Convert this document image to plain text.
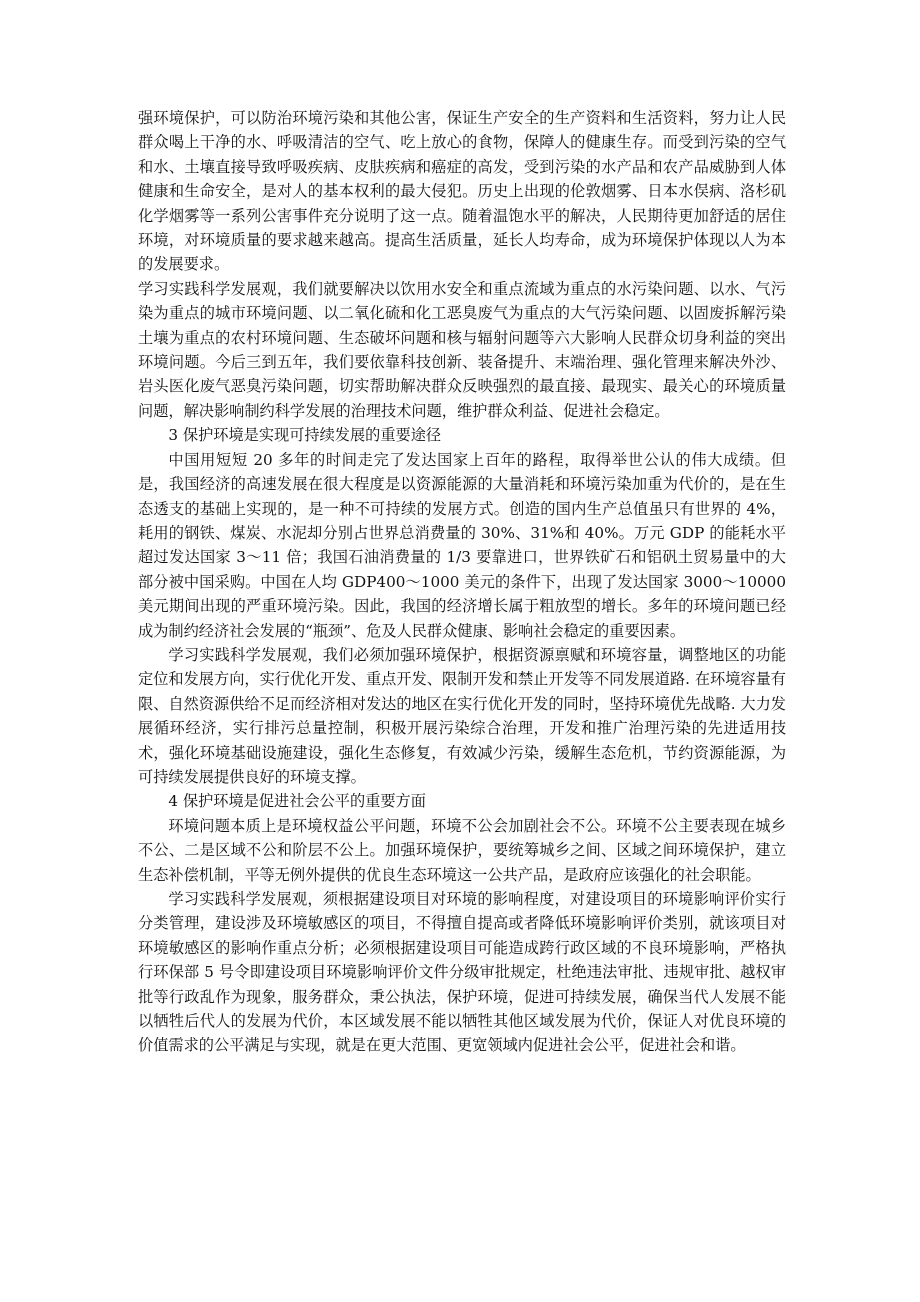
强环境保护，可以防治环境污染和其他公害，保证生产安全的生产资料和生活资料，努力让人民群众喝上干净的水、呼吸清洁的空气、吃上放心的食物，保障人的健康生存。而受到污染的空气和水、土壤直接导致呼吸疾病、皮肤疾病和癌症的高发，受到污染的水产品和农产品威胁到人体健康和生命安全，是对人的基本权利的最大侵犯。历史上出现的伦敦烟雾、日本水俣病、洛杉矶化学烟雾等一系列公害事件充分说明了这一点。随着温饱水平的解决，人民期待更加舒适的居住环境，对环境质量的要求越来越高。提高生活质量，延长人均寿命，成为环境保护体现以人为本的发展要求。

学习实践科学发展观，我们就要解决以饮用水安全和重点流域为重点的水污染问题、以水、气污染为重点的城市环境问题、以二氧化硫和化工恶臭废气为重点的大气污染问题、以固废拆解污染土壤为重点的农村环境问题、生态破坏问题和核与辐射问题等六大影响人民群众切身利益的突出环境问题。今后三到五年，我们要依靠科技创新、装备提升、末端治理、强化管理来解决外沙、岩头医化废气恶臭污染问题，切实帮助解决群众反映强烈的最直接、最现实、最关心的环境质量问题，解决影响制约科学发展的治理技术问题，维护群众利益、促进社会稳定。

3 保护环境是实现可持续发展的重要途径

中国用短短 20 多年的时间走完了发达国家上百年的路程，取得举世公认的伟大成绩。但是，我国经济的高速发展在很大程度是以资源能源的大量消耗和环境污染加重为代价的，是在生态透支的基础上实现的，是一种不可持续的发展方式。创造的国内生产总值虽只有世界的 4%，耗用的钢铁、煤炭、水泥却分别占世界总消费量的 30%、31%和 40%。万元 GDP 的能耗水平超过发达国家 3～11 倍；我国石油消费量的 1/3 要靠进口，世界铁矿石和铝矾土贸易量中的大部分被中国采购。中国在人均 GDP400～1000 美元的条件下，出现了发达国家 3000～10000 美元期间出现的严重环境污染。因此，我国的经济增长属于粗放型的增长。多年的环境问题已经成为制约经济社会发展的“瓶颈”、危及人民群众健康、影响社会稳定的重要因素。

学习实践科学发展观，我们必须加强环境保护，根据资源禀赋和环境容量，调整地区的功能定位和发展方向，实行优化开发、重点开发、限制开发和禁止开发等不同发展道路. 在环境容量有限、自然资源供给不足而经济相对发达的地区在实行优化开发的同时，坚持环境优先战略. 大力发展循环经济，实行排污总量控制，积极开展污染综合治理，开发和推广治理污染的先进适用技术，强化环境基础设施建设，强化生态修复，有效减少污染，缓解生态危机，节约资源能源，为可持续发展提供良好的环境支撑。

4 保护环境是促进社会公平的重要方面

环境问题本质上是环境权益公平问题，环境不公会加剧社会不公。环境不公主要表现在城乡不公、二是区域不公和阶层不公上。加强环境保护，要统筹城乡之间、区域之间环境保护，建立生态补偿机制，平等无例外提供的优良生态环境这一公共产品，是政府应该强化的社会职能。

学习实践科学发展观，须根据建设项目对环境的影响程度，对建设项目的环境影响评价实行分类管理，建设涉及环境敏感区的项目，不得擅自提高或者降低环境影响评价类别，就该项目对环境敏感区的影响作重点分析；必须根据建设项目可能造成跨行政区域的不良环境影响，严格执行环保部 5 号令即建设项目环境影响评价文件分级审批规定，杜绝违法审批、违规审批、越权审批等行政乱作为现象，服务群众，秉公执法，保护环境，促进可持续发展，确保当代人发展不能以牺牲后代人的发展为代价，本区域发展不能以牺牲其他区域发展为代价，保证人对优良环境的价值需求的公平满足与实现，就是在更大范围、更宽领域内促进社会公平，促进社会和谐。
